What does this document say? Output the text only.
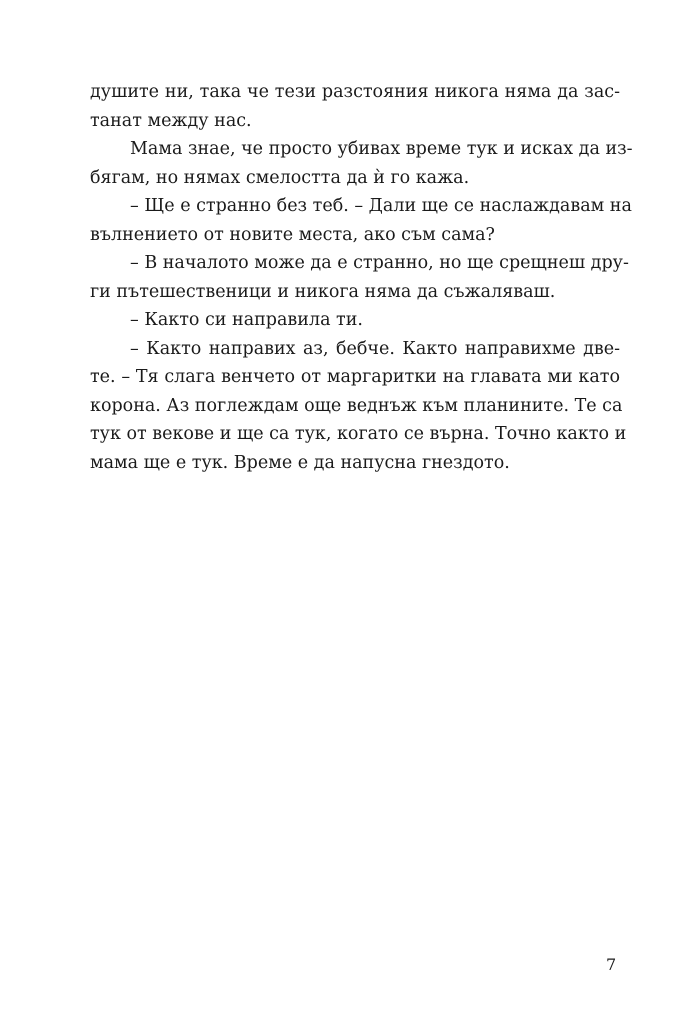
душите ни, така че тези разстояния никога няма да зас-
танат между нас.
Мама знае, че просто убивах време тук и исках да из-
бягам, но нямах смелостта да ѝ го кажа.
– Ще е странно без теб. – Дали ще се наслаждавам на
вълнението от новите места, ако съм сама?
– В началото може да е странно, но ще срещнеш дру-
ги пътешественици и никога няма да съжаляваш.
– Както си направила ти.
– Както направих аз, бебче. Както направихме две-
те. – Тя слага венчето от маргаритки на главата ми като
корона. Аз поглеждам още веднъж към планините. Те са
тук от векове и ще са тук, когато се върна. Точно както и
мама ще е тук. Време е да напусна гнездото.
7
